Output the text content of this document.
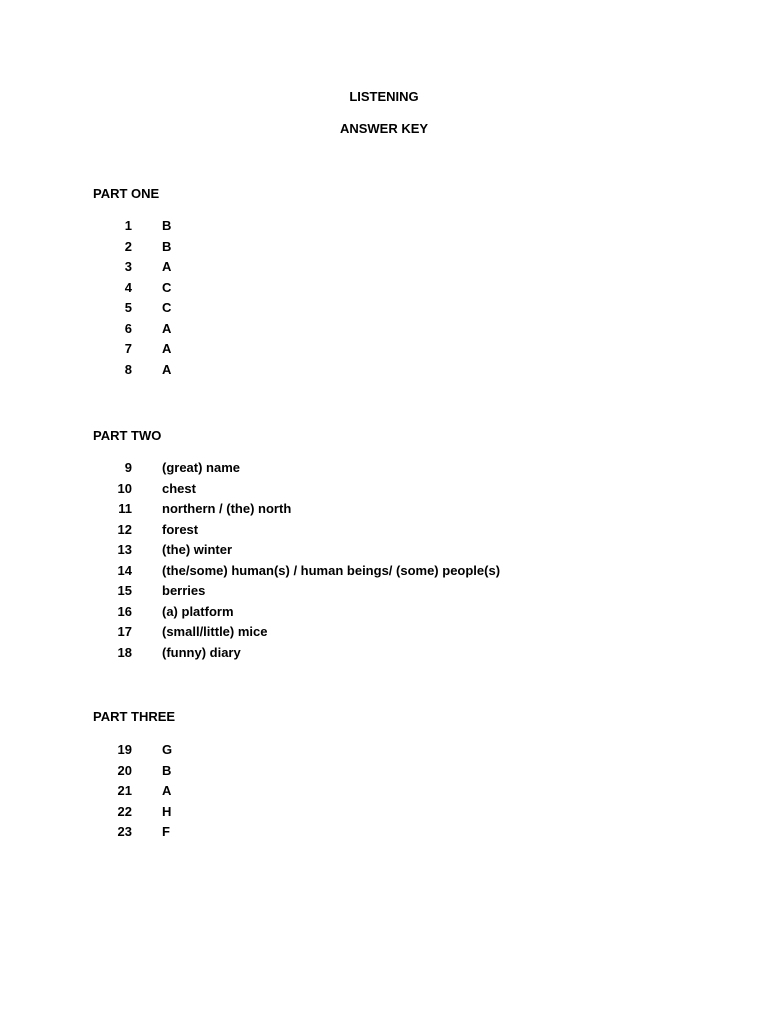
LISTENING
ANSWER KEY
PART ONE
1 B
2 B
3 A
4 C
5 C
6 A
7 A
8 A
PART TWO
9 (great) name
10 chest
11 northern / (the) north
12 forest
13 (the) winter
14 (the/some) human(s) / human beings/ (some) people(s)
15 berries
16 (a) platform
17 (small/little) mice
18 (funny) diary
PART THREE
19 G
20 B
21 A
22 H
23 F
